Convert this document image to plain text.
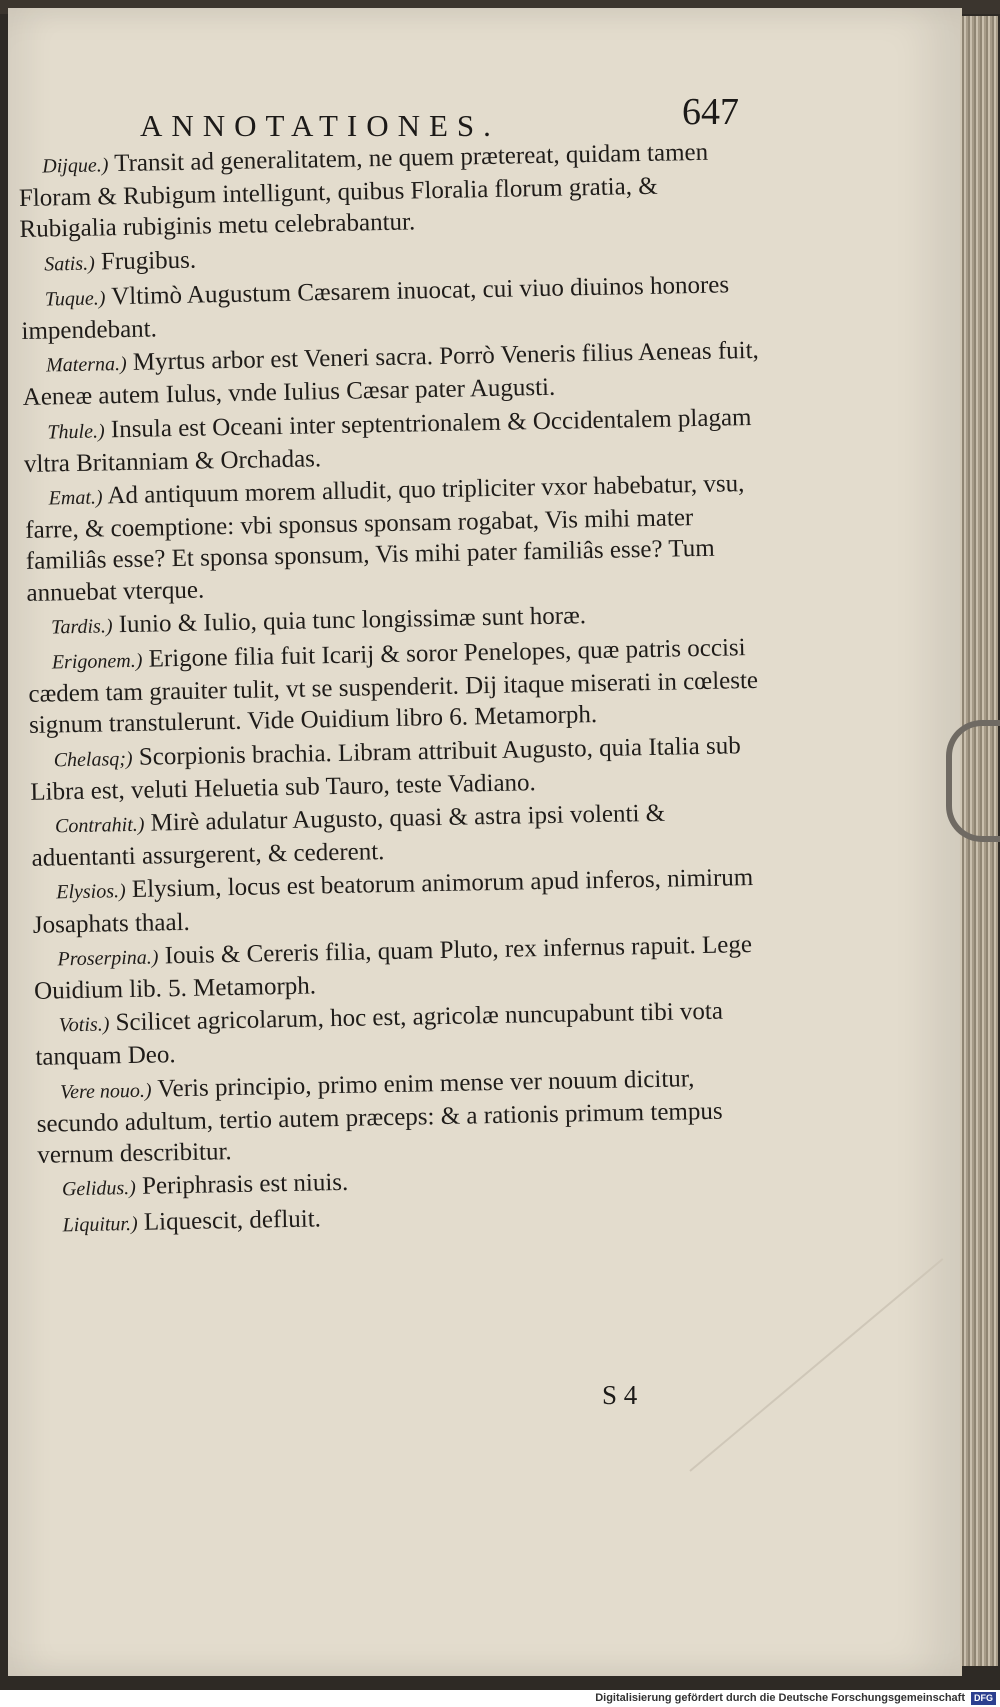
ANNOTATIONES.	647

Dijque.) Transit ad generalitatem, ne quem prætereat, quidam tamen Floram & Rubigum intelligunt, quibus Floralia florum gratia, & Rubigalia rubiginis metu celebrabantur.

Satis.) Frugibus.

Tuque.) Vltimò Augustum Cæsarem inuocat, cui viuo diuinos honores impendebant.

Materna.) Myrtus arbor est Veneri sacra. Porrò Veneris filius Aeneas fuit, Aeneæ autem Iulus, vnde Iulius Cæsar pater Augusti.

Thule.) Insula est Oceani inter septentrionalem & Occidentalem plagam vltra Britanniam & Orchadas.

Emat.) Ad antiquum morem alludit, quo tripliciter vxor habebatur, vsu, farre, & coemptione: vbi sponsus sponsam rogabat, Vis mihi mater familiâs esse? Et sponsa sponsum, Vis mihi pater familiâs esse? Tum annuebat vterque.

Tardis.) Iunio & Iulio, quia tunc longissimæ sunt horæ.

Erigonem.) Erigone filia fuit Icarij & soror Penelopes, quæ patris occisi cædem tam grauiter tulit, vt se suspenderit. Dij itaque miserati in cœleste signum transtulerunt. Vide Ouidium libro 6. Metamorph.

Chelasq;) Scorpionis brachia. Libram attribuit Augusto, quia Italia sub Libra est, veluti Heluetia sub Tauro, teste Vadiano.

Contrahit.) Mirè adulatur Augusto, quasi & astra ipsi volenti & aduentanti assurgerent, & cederent.

Elysios.) Elysium, locus est beatorum animorum apud inferos, nimirum Josaphats thaal.

Proserpina.) Iouis & Cereris filia, quam Pluto, rex infernus rapuit. Lege Ouidium lib. 5. Metamorph.

Votis.) Scilicet agricolarum, hoc est, agricolæ nuncupabunt tibi vota tanquam Deo.

Vere nouo.) Veris principio, primo enim mense ver nouum dicitur, secundo adultum, tertio autem præceps: & a rationis primum tempus vernum describitur.

Gelidus.) Periphrasis est niuis.

Liquitur.) Liquescit, defluit.

S 4
Digitalisierung gefördert durch die Deutsche Forschungsgemeinschaft DFG
